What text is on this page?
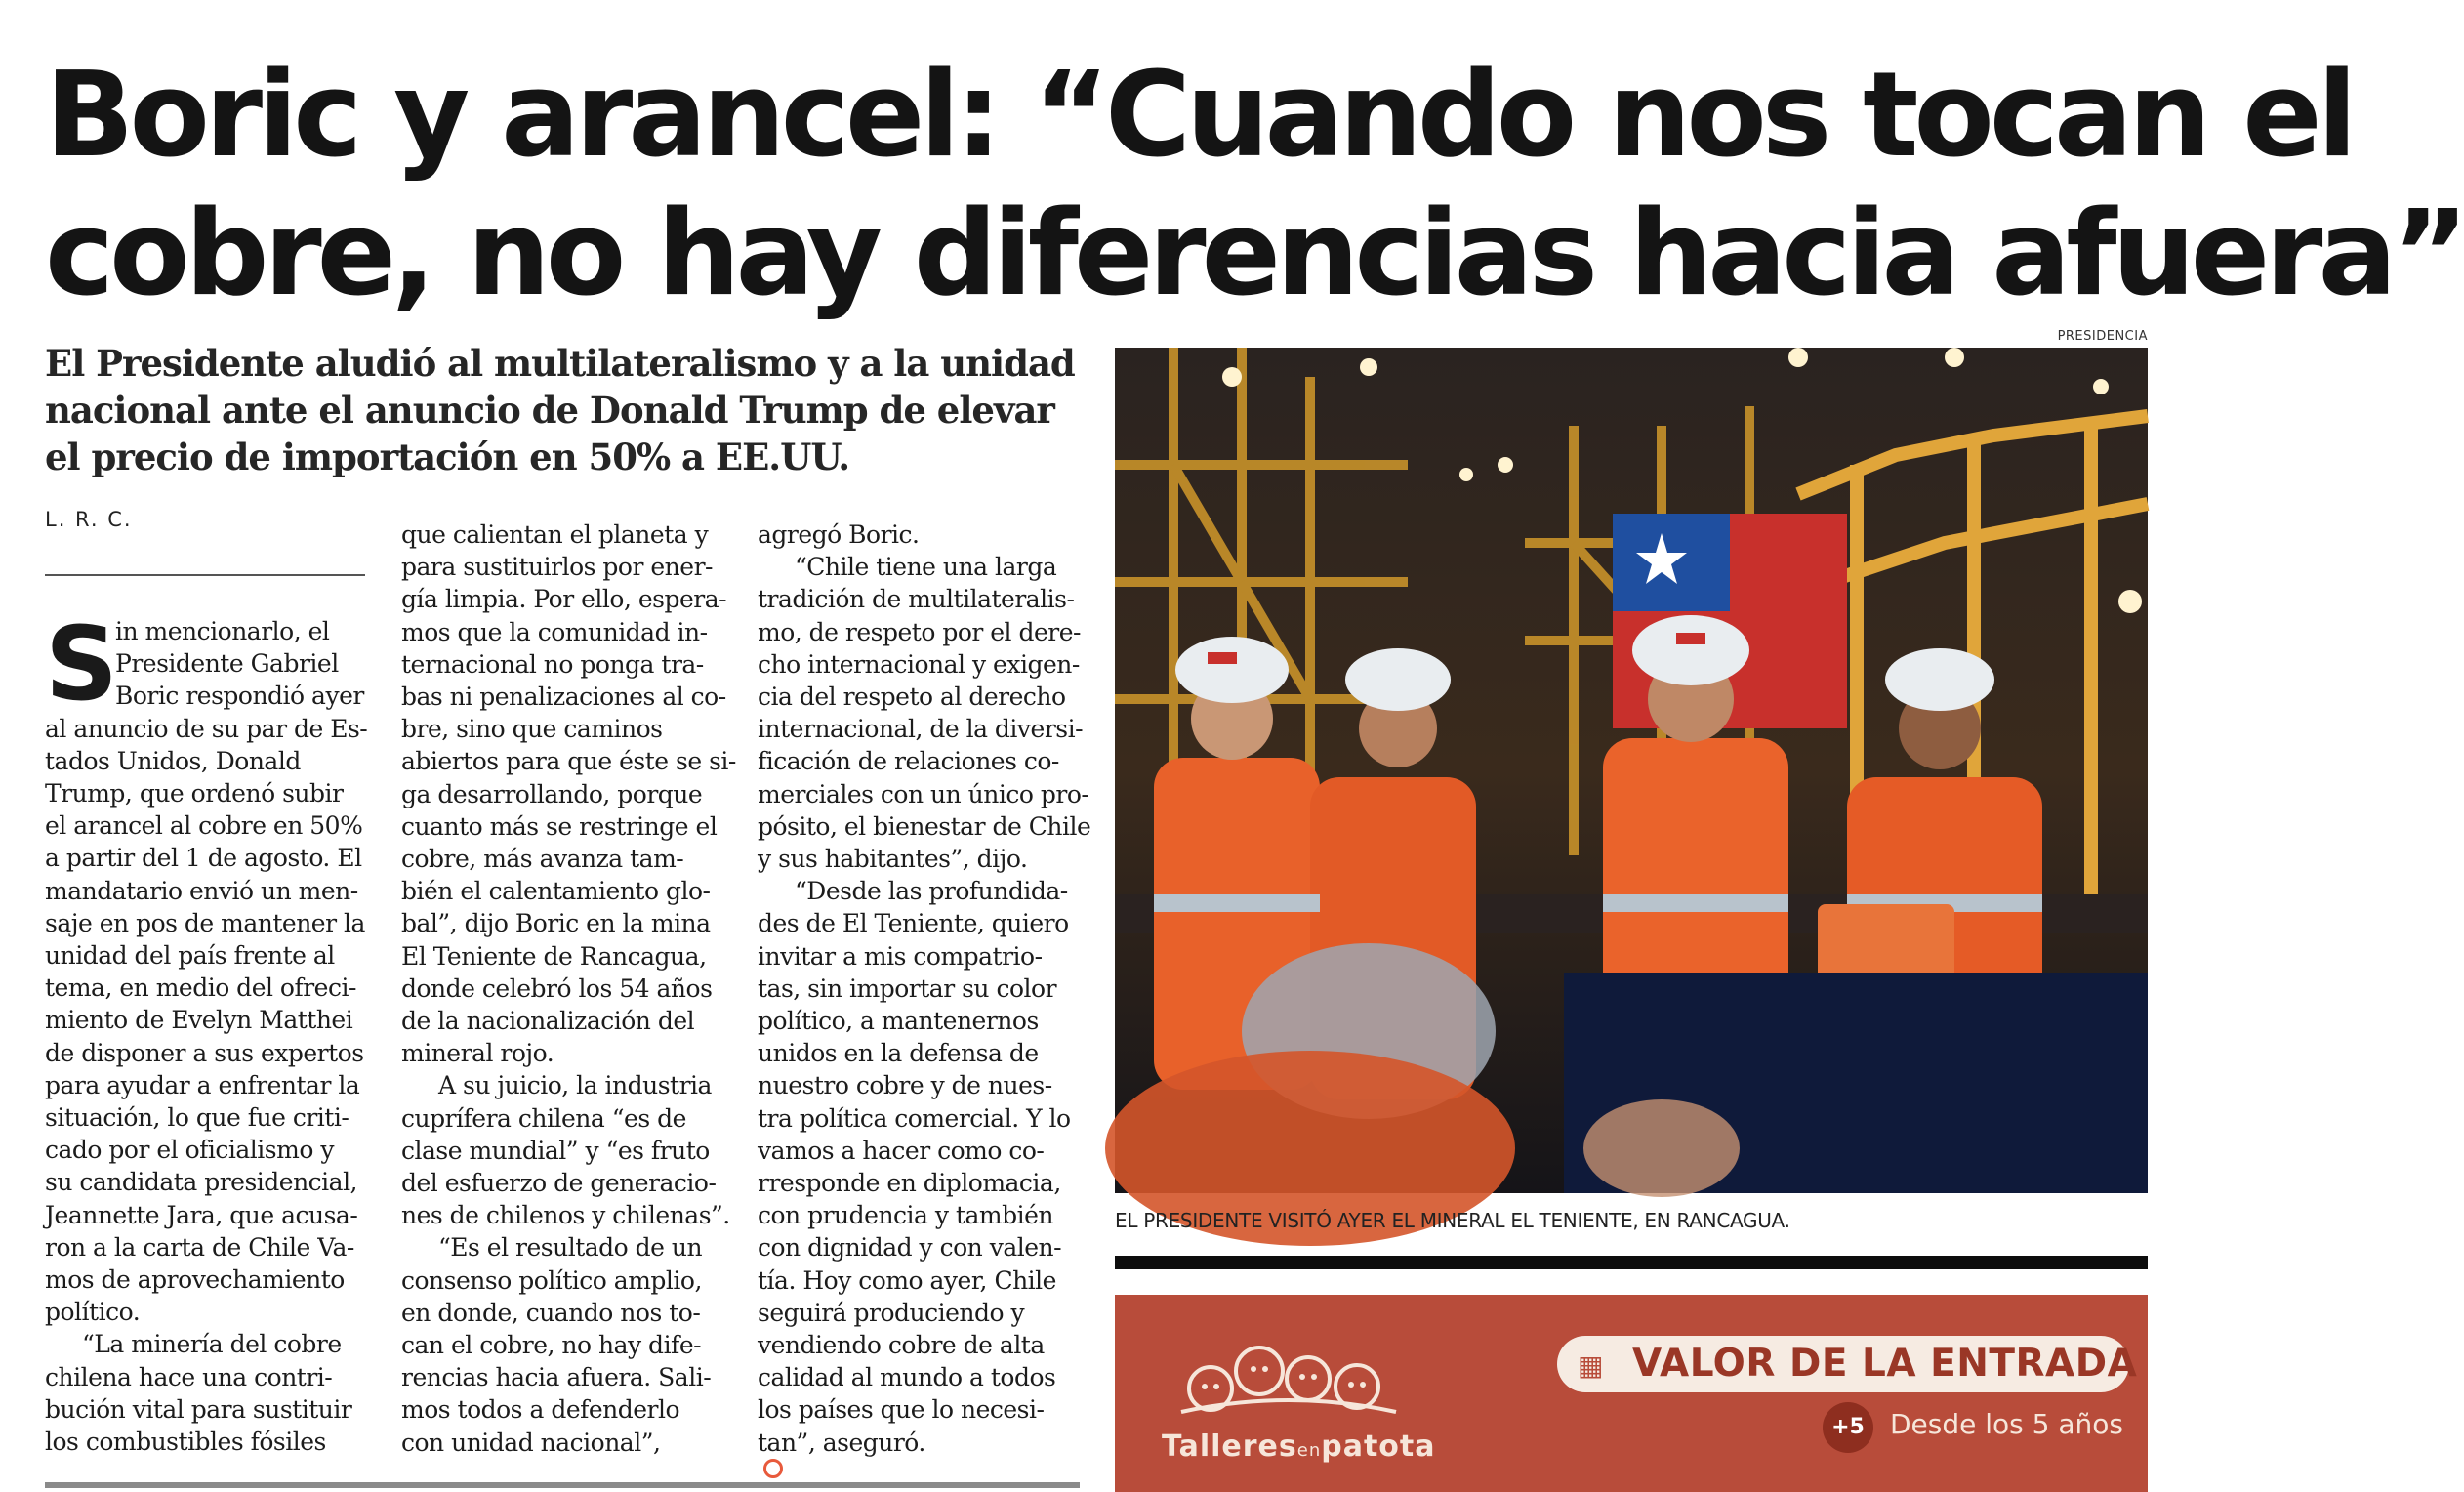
Boric y arancel: “Cuando nos tocan el
cobre, no hay diferencias hacia afuera”
El Presidente aludió al multilateralismo y a la unidad
nacional ante el anuncio de Donald Trump de elevar
el precio de importación en 50% a EE.UU.
L. R. C.
S
in mencionarlo, el
Presidente Gabriel
Boric respondió ayer
al anuncio de su par de Es-
tados Unidos, Donald
Trump, que ordenó subir
el arancel al cobre en 50%
a partir del 1 de agosto. El
mandatario envió un men-
saje en pos de mantener la
unidad del país frente al
tema, en medio del ofreci-
miento de Evelyn Matthei
de disponer a sus expertos
para ayudar a enfrentar la
situación, lo que fue criti-
cado por el oficialismo y
su candidata presidencial,
Jeannette Jara, que acusa-
ron a la carta de Chile Va-
mos de aprovechamiento
político.
“La minería del cobre
chilena hace una contri-
bución vital para sustituir
los combustibles fósiles
que calientan el planeta y
para sustituirlos por ener-
gía limpia. Por ello, espera-
mos que la comunidad in-
ternacional no ponga tra-
bas ni penalizaciones al co-
bre, sino que caminos
abiertos para que éste se si-
ga desarrollando, porque
cuanto más se restringe el
cobre, más avanza tam-
bién el calentamiento glo-
bal”, dijo Boric en la mina
El Teniente de Rancagua,
donde celebró los 54 años
de la nacionalización del
mineral rojo.
A su juicio, la industria
cuprífera chilena “es de
clase mundial” y “es fruto
del esfuerzo de generacio-
nes de chilenos y chilenas”.
“Es el resultado de un
consenso político amplio,
en donde, cuando nos to-
can el cobre, no hay dife-
rencias hacia afuera. Sali-
mos todos a defenderlo
con unidad nacional”,
agregó Boric.
“Chile tiene una larga
tradición de multilateralis-
mo, de respeto por el dere-
cho internacional y exigen-
cia del respeto al derecho
internacional, de la diversi-
ficación de relaciones co-
merciales con un único pro-
pósito, el bienestar de Chile
y sus habitantes”, dijo.
“Desde las profundida-
des de El Teniente, quiero
invitar a mis compatrio-
tas, sin importar su color
político, a mantenernos
unidos en la defensa de
nuestro cobre y de nues-
tra política comercial. Y lo
vamos a hacer como co-
rresponde en diplomacia,
con prudencia y también
con dignidad y con valen-
tía. Hoy como ayer, Chile
seguirá produciendo y
vendiendo cobre de alta
calidad al mundo a todos
los países que lo necesi-
tan”, aseguró.
PRESIDENCIA
EL PRESIDENTE VISITÓ AYER EL MINERAL EL TENIENTE, EN RANCAGUA.
Talleresenpatota
▦ VALOR DE LA ENTRADA
+5 Desde los 5 años
